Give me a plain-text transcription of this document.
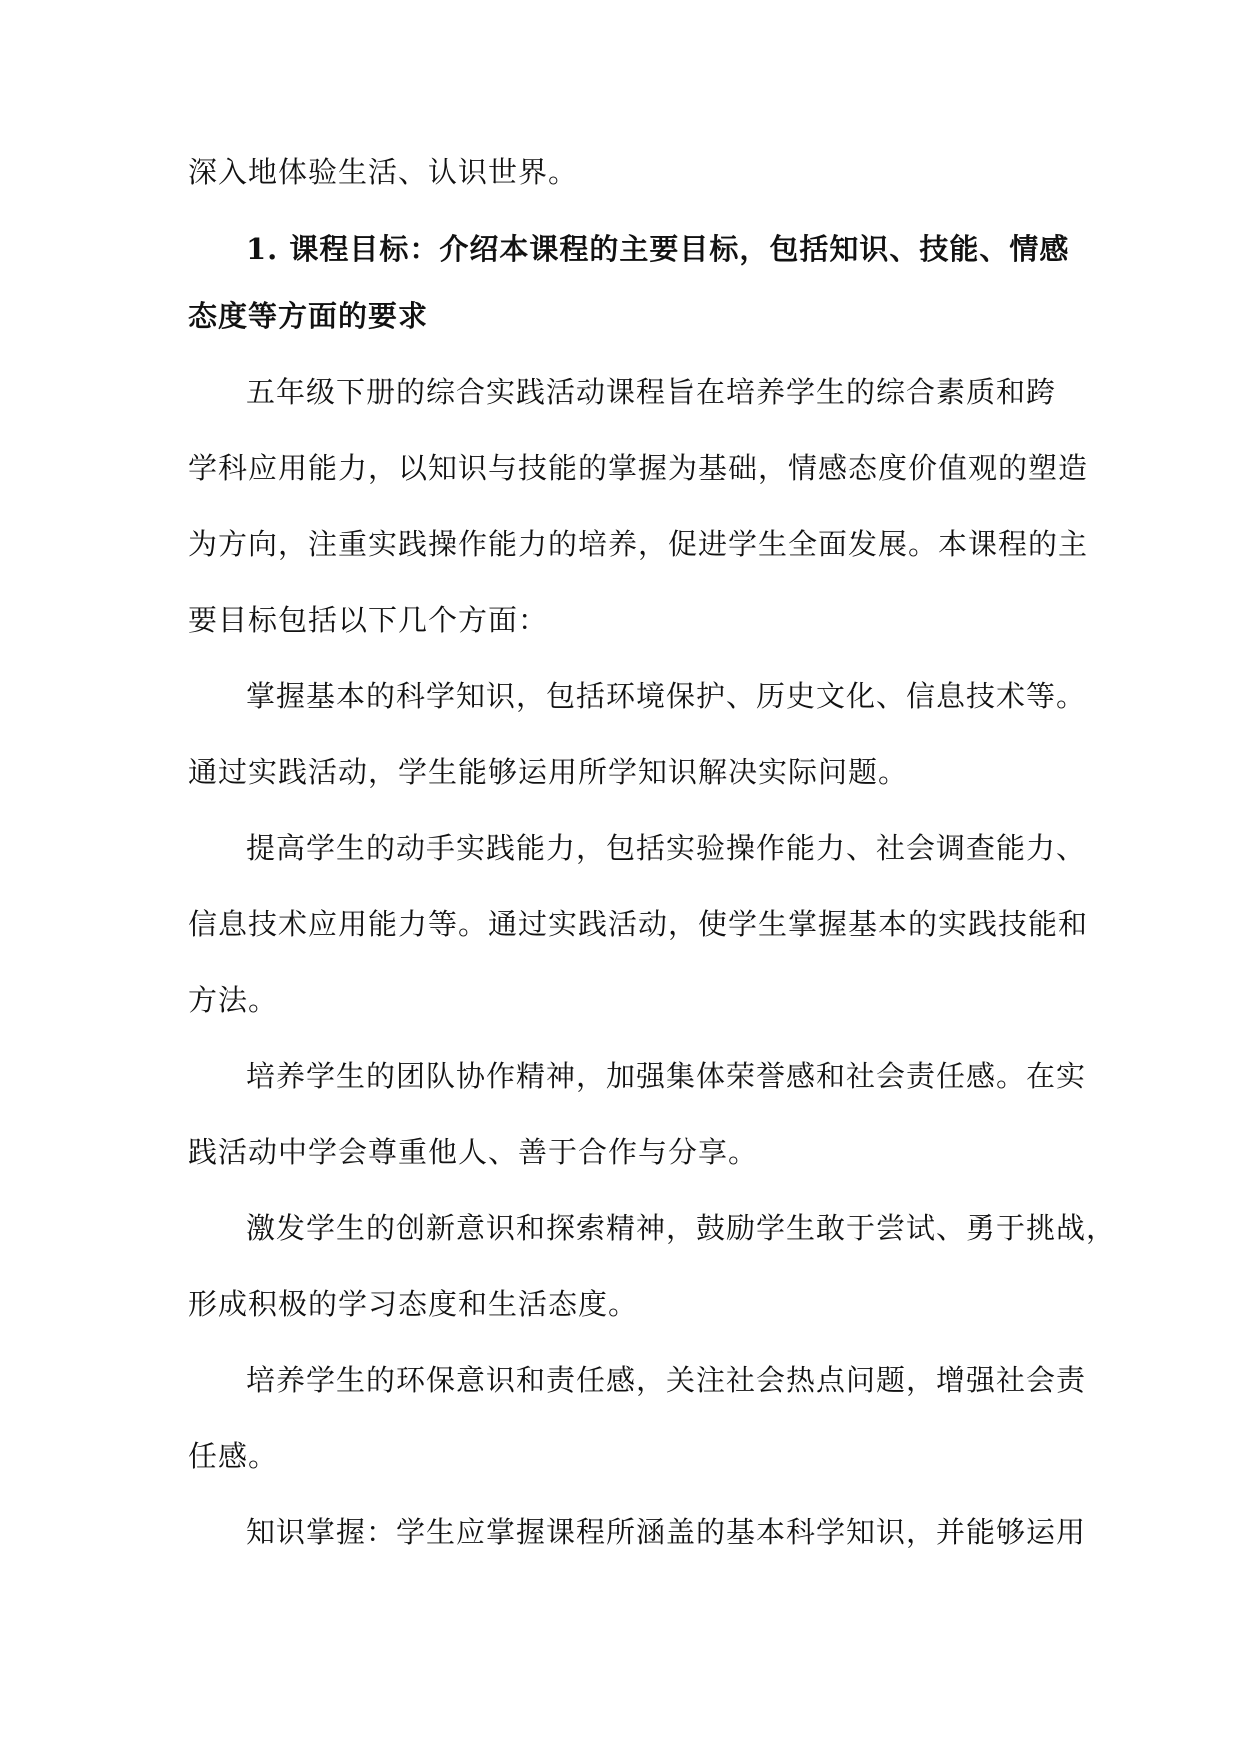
深入地体验生活、认识世界。
1. 课程目标：介绍本课程的主要目标，包括知识、技能、情感
态度等方面的要求
五年级下册的综合实践活动课程旨在培养学生的综合素质和跨
学科应用能力，以知识与技能的掌握为基础，情感态度价值观的塑造
为方向，注重实践操作能力的培养，促进学生全面发展。本课程的主
要目标包括以下几个方面：
掌握基本的科学知识，包括环境保护、历史文化、信息技术等。
通过实践活动，学生能够运用所学知识解决实际问题。
提高学生的动手实践能力，包括实验操作能力、社会调查能力、
信息技术应用能力等。通过实践活动，使学生掌握基本的实践技能和
方法。
培养学生的团队协作精神，加强集体荣誉感和社会责任感。在实
践活动中学会尊重他人、善于合作与分享。
激发学生的创新意识和探索精神，鼓励学生敢于尝试、勇于挑战，
形成积极的学习态度和生活态度。
培养学生的环保意识和责任感，关注社会热点问题，增强社会责
任感。
知识掌握：学生应掌握课程所涵盖的基本科学知识，并能够运用
